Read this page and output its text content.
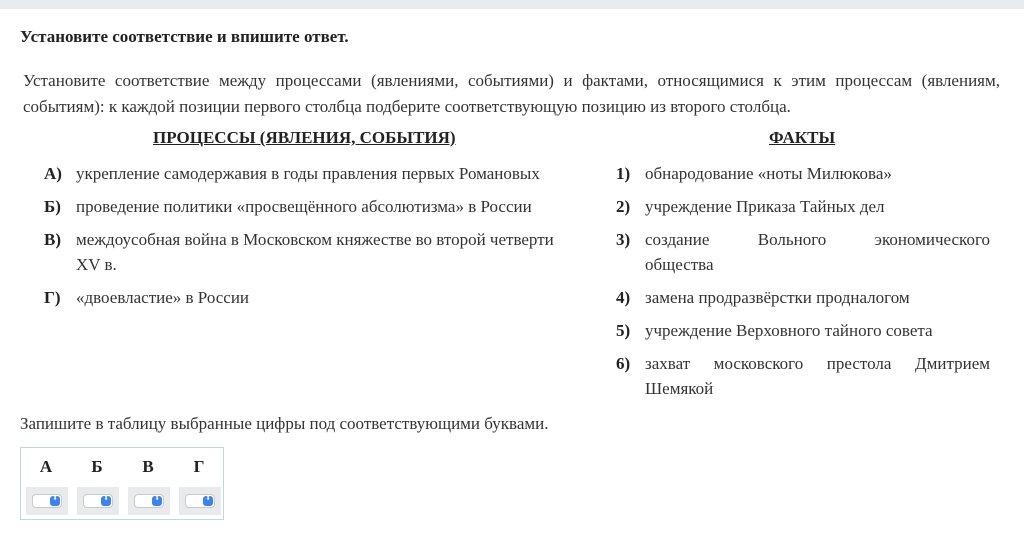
Установите соответствие и впишите ответ.
Установите соответствие между процессами (явлениями, событиями) и фактами, относящимися к этим процессам (явлениям, событиям): к каждой позиции первого столбца подберите соответствующую позицию из второго столбца.
ПРОЦЕССЫ (ЯВЛЕНИЯ, СОБЫТИЯ)	ФАКТЫ
А) укрепление самодержавия в годы правления первых Романовых
Б) проведение политики «просвещённого абсолютизма» в России
В) междоусобная война в Московском княжестве во второй четверти
XV в.
Г) «двоевластие» в России
1) обнародование «ноты Милюкова»
2) учреждение Приказа Тайных дел
3) создание Вольного экономического
общества
4) замена продразвёрстки продналогом
5) учреждение Верховного тайного совета
6) захват московского престола Дмитрием
Шемякой
Запишите в таблицу выбранные цифры под соответствующими буквами.
А	Б	В	Г
⬍	⬍	⬍	⬍
